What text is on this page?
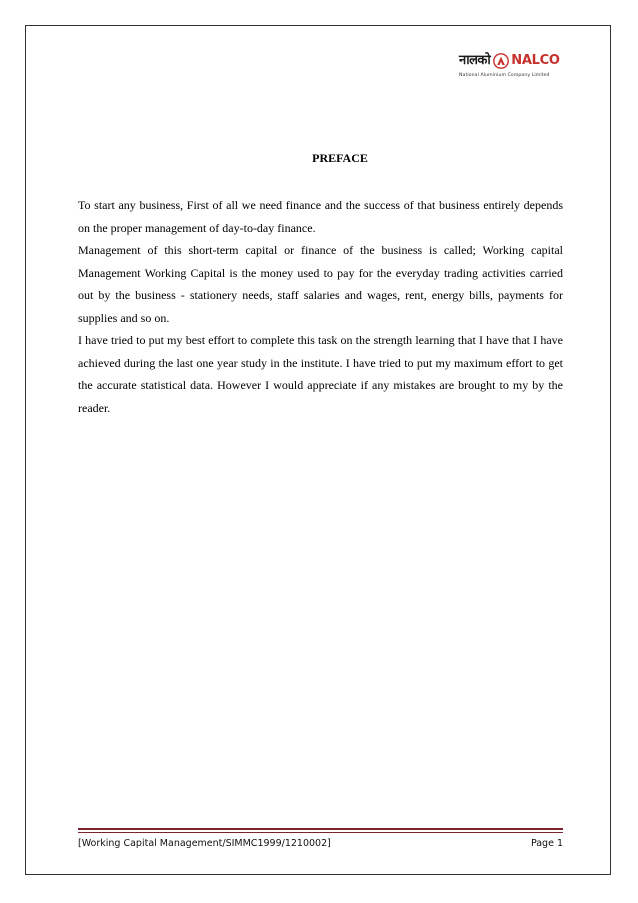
नालको NALCO
National Aluminium Company Limited
PREFACE

To start any business, First of all we need finance and the success of that business entirely depends on the proper management of day-to-day finance.

Management of this short-term capital or finance of the business is called; Working capital Management Working Capital is the money used to pay for the everyday trading activities carried out by the business - stationery needs, staff salaries and wages, rent, energy bills, payments for supplies and so on.

I have tried to put my best effort to complete this task on the strength learning that I have that I have achieved during the last one year study in the institute. I have tried to put my maximum effort to get the accurate statistical data. However I would appreciate if any mistakes are brought to my by the reader.

[Working Capital Management/SIMMC1999/1210002]	Page 1
